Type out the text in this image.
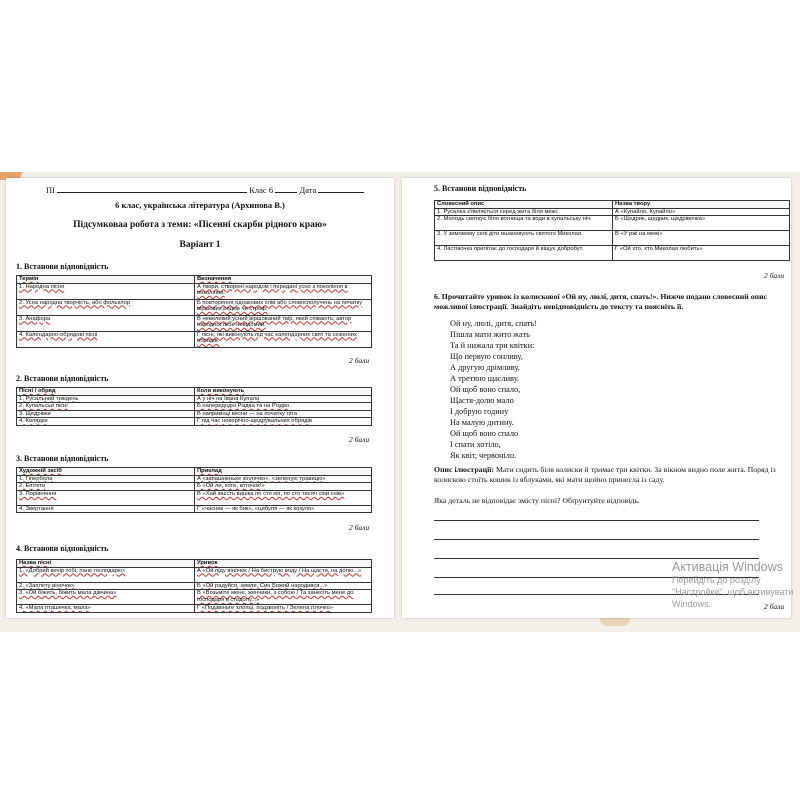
ПІ	Клас 6	Дата
6 клас, українська література (Архипова В.)
Підсумковаа робота з теми: «Пісенні скарби рідного краю»
Варіант 1
1. Встанови відповідність
Термін	Визначення
1. Народна пісня	А твори, створені народом і передані усно з покоління в покоління.
2. Усна народна творчість, або фольклор	Б повторення однакових слів або словосполучень на початку віршових рядків чи строф.
3. Анафора	В невеликий усний віршований твір, який співають; автор народної пісні невідомий.
4. Календарно-обрядові пісні	Г пісні, які виконують під час календарних свят та сезонних обрядів.
2 бали
2. Встанови відповідність
Пісні / обряд	Коли виконують
1. Русальний тиждень	А у ніч на Івана Купала
2. Купальські пісні	Б напередодні Різдва та на Різдво.
3. Щедрівки	В наприкінці весни — на початку літа
4. Колядки	Г під час новорічно-щедрувальних обрядів
2 бали
3. Встанови відповідність
Художній засіб	Приклад
1. Гіпербола	А «запашненьке зіллячко», «зеленую травицю»
2. Епітети	Б «Ой ли, коте, коточок!»
3. Порівняння	В «Хай заєсть вишка по сто кіп, по сто тисяч сіпи снів»
4. Звертання	Г «часник — як бик», «цибуля — як козуля»
2 бали
4. Встанови відповідність
Назва пісні	Уривок
1. «Добрий вечір тобі, пане господарю»	А «Ой піду віночок / На биструю воду / На щастя, на долю...»
2. «Заплету віночок»	Б «Ой радуйся, земле, Син Божий народився...»
3. «Ой біжить, біжить мала дівчина»	В «Возьміте мене, женчики, з собою / Та занесіть мене до господаря в стодолу...»
4. «Мала пташечка, мала»	Г «Подзвіньте хлопці, подзвоніть / Зелена гілочко»
5. Встанови відповідність
Словесний опис	Назва твору
1. Русалка з'являється серед жита біля межі.	А «Купайло, Купайло»
2. Молодь святкує біля вогнища та води в купальську ніч.	Б «Щедрик, щедрик, щедрівочка»
3. У зимовому селі діти вшановують святого Миколая.	В «У ржі на межі»
4. Ластівочка прилітає до господаря й віщує добробут.	Г «Ой хто, хто Миколая любить»
2 бали
6. Прочитайте уривок із колискової «Ой ну, люлі, дитя, спать!». Нижче подано словесний опис можливої ілюстрації. Знайдіть невідповідність до тексту та поясніть її.
Ой ну, люлі, дитя, спать!
Пішла мати жито жать
Та й нижала три квітки:
Що первую сонливу,
А другую дрімливу,
А третюю щасливу.
Ой щоб воно спало,
Щастя-долю мало
І добрую годину
На малую дитину.
Ой щоб воно спало
І спати хотіло,
Як квіт, червоніло.
Опис ілюстрації: Мати сидить біля колиски й тримає три квітки. За вікном видно поле жита. Поряд із колискою стоїть кошик із яблуками, які мати щойно принесла із саду.
Яка деталь не відповідає змісту пісні? Обґрунтуйте відповідь.
2 бали
Активація Windows
Перейдіть до розділу "Настройки", щоб активувати Windows.
